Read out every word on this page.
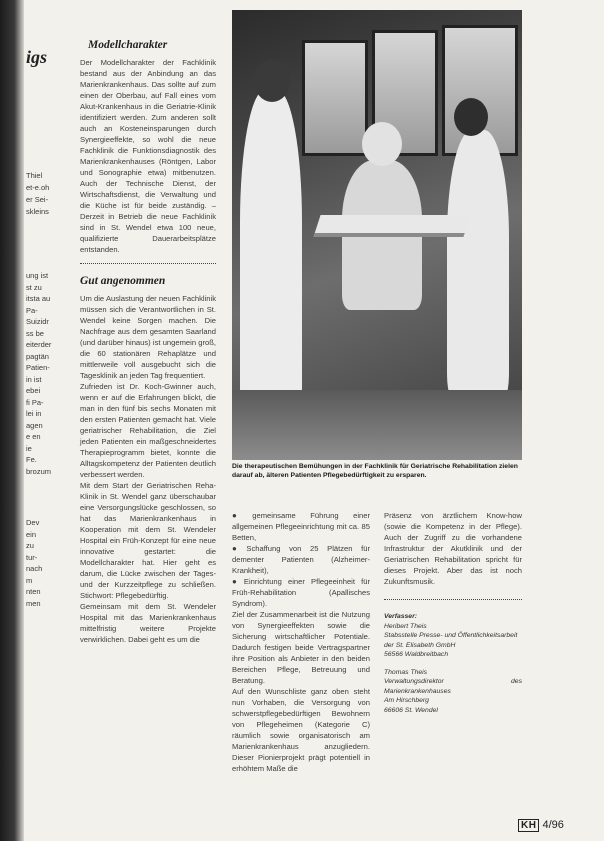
igs
Thiel
et-e.oh
er Sei-
skleins
ung ist
st zu
itsta au
Pa-
Suizidr
ss be
eiterder
pagtän
Patien-
in ist
ebei
fi Pa-
lei in
agen
e en
ie
Fe.
brozum
Dev
ein
zu
tur-
nach
m
nten
men
Modellcharakter

Der Modellcharakter der Fachklinik bestand aus der Anbindung an das Marienkrankenhaus. Das sollte auf zum einen der Oberbau, auf Fall eines vom Akut-Krankenhaus in die Geriatrie-Klinik identifiziert werden. Zum anderen sollt auch an Kosteneinsparungen durch Synergieeffekte, so wohl die neue Fachklinik die Funktionsdiagnostik des Marienkrankenhauses (Röntgen, Labor und Sonographie etwa) mitbenutzen. Auch der Technische Dienst, der Wirtschaftsdienst, die Verwaltung und die Küche ist für beide zuständig. – Derzeit in Betrieb die neue Fachklinik sind in St. Wendel etwa 100 neue, qualifizierte Dauerarbeitsplätze entstanden.

Gut angenommen

Um die Auslastung der neuen Fachklinik müssen sich die Verantwortlichen in St. Wendel keine Sorgen machen. Die Nachfrage aus dem gesamten Saarland (und darüber hinaus) ist ungemein groß, die 60 stationären Rehaplätze und mittlerweile voll ausgebucht sich die Tagesklinik an jeden Tag frequentiert.

Zufrieden ist Dr. Koch-Gwinner auch, wenn er auf die Erfahrungen blickt, die man in den fünf bis sechs Monaten mit den ersten Patienten gemacht hat. Viele geriatrischer Rehabilitation, die Ziel jeden Patienten ein maßgeschneidertes Therapieprogramm bietet, konnte die Alltagskompetenz der Patienten deutlich verbessert werden.

Mit dem Start der Geriatrischen Reha-Klinik in St. Wendel ganz überschaubar eine Versorgungslücke geschlossen, so hat das Marienkrankenhaus in Kooperation mit dem St. Wendeler Hospital ein Früh-Konzept für eine neue innovative gestartet: die Modellcharakter hat. Hier geht es darum, die Lücke zwischen der Tages- und der Kurzzeitpflege zu schließen. Stichwort: Pflegebedürftig.

Gemeinsam mit dem St. Wendeler Hospital mit das Marienkrankenhaus mittelfristig weitere Projekte verwirklichen. Dabei geht es um die

Die therapeutischen Bemühungen in der Fachklinik für Geriatrische Rehabilitation zielen darauf ab, älteren Patienten Pflegebedürftigkeit zu ersparen.

● gemeinsame Führung einer allgemeinen Pflegeeinrichtung mit ca. 85 Betten,

● Schaffung von 25 Plätzen für dementer Patienten (Alzheimer-Krankheit),

● Einrichtung einer Pflegeeinheit für Früh-Rehabilitation (Apallisches Syndrom).

Ziel der Zusammenarbeit ist die Nutzung von Synergieeffekten sowie die Sicherung wirtschaftlicher Potentiale. Dadurch festigen beide Vertragspartner ihre Position als Anbieter in den beiden Bereichen Pflege, Betreuung und Beratung.

Auf den Wunschliste ganz oben steht nun Vorhaben, die Versorgung von schwerstpflegebedürftigen Bewohnern von Pflegeheimen (Kategorie C) räumlich sowie organisatorisch am Marienkrankenhaus anzugliedern. Dieser Pionierprojekt prägt potentiell in erhöhtem Maße die

Präsenz von ärztlichem Know-how (sowie die Kompetenz in der Pflege). Auch der Zugriff zu die vorhandene Infrastruktur der Akutklinik und der Geriatrischen Rehabilitation spricht für dieses Projekt. Aber das ist noch Zukunftsmusik.

Verfasser:
Heribert Theis
Stabsstelle Presse- und Öffentlichkeitsarbeit
der St. Elisabeth GmbH
56566 Waldbreitbach
Thomas Theis
Verwaltungsdirektor des Marienkrankenhauses
Am Hirschberg
66606 St. Wendel
KH 4/96
